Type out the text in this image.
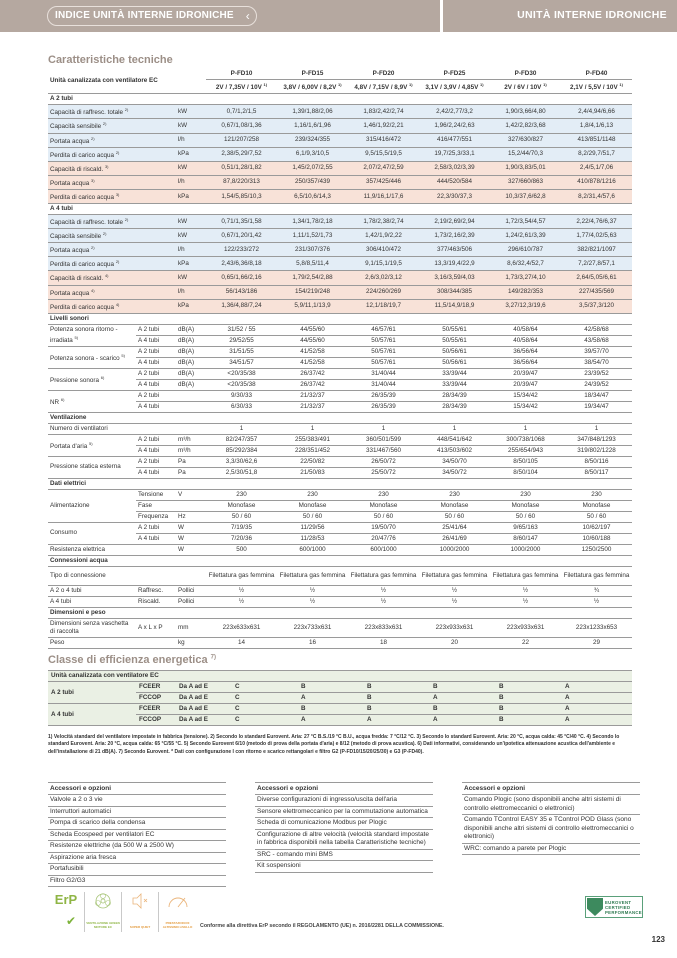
INDICE UNITÀ INTERNE IDRONICHE ‹	UNITÀ INTERNE IDRONICHE
Caratteristiche tecniche
Unità canalizzata con ventilatore EC			P-FD10	P-FD15	P-FD20	P-FD25	P-FD30	P-FD40
			2V / 7,35V / 10V $^{1)}$	3,8V / 6,00V / 8,2V $^{1)}$	4,8V / 7,15V / 8,9V $^{1)}$	3,1V / 3,9V / 4,85V $^{1)}$	2V / 6V / 10V $^{1)}$	2,1V / 5,5V / 10V $^{1)}$
A 2 tubi								
Capacità di raffresc. totale $^{2)}$		kW	0,7/1,2/1,5	1,39/1,88/2,06	1,83/2,42/2,74	2,42/2,77/3,2	1,90/3,66/4,80	2,4/4,94/6,66
Capacità sensibile $^{2)}$		kW	0,67/1,08/1,36	1,16/1,6/1,96	1,46/1,92/2,21	1,96/2,24/2,63	1,42/2,82/3,68	1,8/4,1/6,13
Portata acqua $^{2)}$		l/h	121/207/258	239/324/355	315/416/472	416/477/551	327/630/827	413/851/1148
Perdita di carico acqua $^{2)}$		kPa	2,38/5,29/7,52	6,1/9,3/10,5	9,5/15,5/19,5	19,7/25,3/33,1	15,2/44/70,3	8,2/29,7/51,7
Capacità di riscald. $^{3)}$		kW	0,51/1,28/1,82	1,45/2,07/2,55	2,07/2,47/2,59	2,58/3,02/3,39	1,90/3,83/5,01	2,4/5,1/7,06
Portata acqua $^{3)}$		l/h	87,8/220/313	250/357/439	357/425/446	444/520/584	327/660/863	410/878/1216
Perdita di carico acqua $^{3)}$		kPa	1,54/5,85/10,3	6,5/10,6/14,3	11,9/16,1/17,6	22,3/30/37,3	10,3/37,6/62,8	8,2/31,4/57,6
A 4 tubi								
Capacità di raffresc. totale $^{2)}$		kW	0,71/1,35/1,58	1,34/1,78/2,18	1,78/2,38/2,74	2,19/2,69/2,94	1,72/3,54/4,57	2,22/4,76/6,37
Capacità sensibile $^{2)}$		kW	0,67/1,20/1,42	1,11/1,52/1,73	1,42/1,9/2,22	1,73/2,16/2,39	1,24/2,61/3,39	1,77/4,02/5,63
Portata acqua $^{2)}$		l/h	122/233/272	231/307/376	306/410/472	377/463/506	296/610/787	382/821/1097
Perdita di carico acqua $^{2)}$		kPa	2,43/6,36/8,18	5,8/8,5/11,4	9,1/15,1/19,5	13,3/19,4/22,9	8,6/32,4/52,7	7,2/27,8/57,1
Capacità di riscald. $^{4)}$		kW	0,65/1,66/2,16	1,79/2,54/2,88	2,6/3,02/3,12	3,16/3,59/4,03	1,73/3,27/4,10	2,64/5,05/6,61
Portata acqua $^{4)}$		l/h	56/143/186	154/219/248	224/260/269	308/344/385	149/282/353	227/435/569
Perdita di carico acqua $^{4)}$		kPa	1,36/4,88/7,24	5,9/11,1/13,9	12,1/18/19,7	11,5/14,9/18,9	3,27/12,3/19,6	3,5/37,3/120
Livelli sonori								
Potenza sonora ritorno - irradiata $^{5)}$	A 2 tubi	dB(A)	31/52 / 55	44/55/60	46/57/61	50/55/61	40/58/64	42/58/68
	A 4 tubi	dB(A)	29/52/55	44/55/60	50/57/61	50/55/61	40/58/64	43/58/68
Potenza sonora - scarico $^{5)}$	A 2 tubi	dB(A)	31/51/55	41/52/58	50/57/61	50/56/61	36/56/64	39/57/70
	A 4 tubi	dB(A)	34/51/57	41/52/58	50/57/61	50/56/61	36/56/64	38/54/70
Pressione sonora $^{6)}$	A 2 tubi	dB(A)	<20/35/38	26/37/42	31/40/44	33/39/44	20/39/47	23/39/52
	A 4 tubi	dB(A)	<20/35/38	26/37/42	31/40/44	33/39/44	20/39/47	24/39/52
NR $^{6)}$	A 2 tubi		9/30/33	21/32/37	26/35/39	28/34/39	15/34/42	18/34/47
	A 4 tubi		6/30/33	21/32/37	26/35/39	28/34/39	15/34/42	19/34/47
Ventilazione								
Numero di ventilatori			1	1	1	1	1	1
Portata d'aria $^{5)}$	A 2 tubi	m³/h	82/247/357	255/383/491	360/501/599	448/541/642	300/738/1068	347/848/1293
	A 4 tubi	m³/h	85/292/384	228/351/452	331/467/560	413/503/602	255/654/943	319/802/1228
Pressione statica esterna	A 2 tubi	Pa	3,3/30/62,6	22/50/82	26/50/72	34/50/70	8/50/105	8/50/116
	A 4 tubi	Pa	2,5/30/51,8	21/50/83	25/50/72	34/50/72	8/50/104	8/50/117
Dati elettrici								
Alimentazione	Tensione	V	230	230	230	230	230	230
	Fase		Monofase	Monofase	Monofase	Monofase	Monofase	Monofase
	Frequenza	Hz	50 / 60	50 / 60	50 / 60	50 / 60	50 / 60	50 / 60
Consumo	A 2 tubi	W	7/19/35	11/29/56	19/50/70	25/41/64	9/65/163	10/62/197
	A 4 tubi	W	7/20/36	11/28/53	20/47/76	26/41/69	8/60/147	10/60/188
Resistenza elettrica		W	500	600/1000	600/1000	1000/2000	1000/2000	1250/2500
Connessioni acqua								
Tipo di connessione			Filettatura gas femmina	Filettatura gas femmina	Filettatura gas femmina	Filettatura gas femmina	Filettatura gas femmina	Filettatura gas femmina
A 2 o 4 tubi	Raffresc.	Pollici	½	½	½	½	½	¾
A 4 tubi	Riscald.	Pollici	½	½	½	½	½	½
Dimensioni e peso								
Dimensioni senza vaschetta di raccolta	A x L x P	mm	223x633x631	223x733x631	223x833x631	223x933x631	223x933x631	223x1233x653
Peso		kg	14	16	18	20	22	29
Classe di efficienza energetica $^{7)}$
Unità canalizzata con ventilatore EC								
A 2 tubi	FCEER	Da A ad E	C	B	B	B	B	A
	FCCOP	Da A ad E	C	A	B	A	B	A
A 4 tubi	FCEER	Da A ad E	C	B	B	B	B	A
	FCCOP	Da A ad E	C	A	A	A	B	A
1) Velocità standard del ventilatore impostate in fabbrica (tensione). 2) Secondo lo standard Eurovent. Aria: 27 °C B.S./19 °C B.U., acqua fredda: 7 °C/12 °C. 3) Secondo lo standard Eurovent. Aria: 20 °C, acqua calda: 45 °C/40 °C. 4) Secondo lo standard Eurovent. Aria: 20 °C, acqua calda: 65 °C/55 °C. 5) Secondo Eurovent 6/10 (metodo di prova della portata d'aria) e 8/12 (metodo di prova acustica). 6) Dati informativi, considerando un'ipotetica attenuazione acustica dell'ambiente e dell'installazione di 21 dB(A). 7) Secondo Eurovent. * Dati con configurazione I con ritorno e scarico rettangolari e filtro G2 (P-FD10/15/20/25/30) e G3 (P-FD40).
Accessori e opzioni
Valvole a 2 o 3 vie
Interruttori automatici
Pompa di scarico della condensa
Scheda Ecospeed per ventilatori EC
Resistenze elettriche (da 500 W a 2500 W)
Aspirazione aria fresca
Portafusibili
Filtro G2/G3
Accessori e opzioni
Diverse configurazioni di ingresso/uscita dell'aria
Sensore elettromeccanico per la commutazione automatica
Scheda di comunicazione Modbus per Plogic
Configurazione di altre velocità (velocità standard impostate in fabbrica disponibili nella tabella Caratteristiche tecniche)
SRC - comando mini BMS
Kit sospensioni
Accessori e opzioni
Comando Plogic (sono disponibili anche altri sistemi di controllo elettromeccanici o elettronici)
Comando TControl EASY 35 e TControl POD Glass (sono disponibili anche altri sistemi di controllo elettromeccanici o elettronici)
WRC: comando a parete per Plogic
ErP
✔	VENTILAZIONE GREEN MOTORE EC	SUPER QUIET
PRESTAZIONI DI ALTISSIMO LIVELLO	Conforme alla direttiva ErP secondo il REGOLAMENTO (UE) n. 2016/2281 DELLA COMMISSIONE.
EUROVENT
CERTIFIED
PERFORMANCE
123
